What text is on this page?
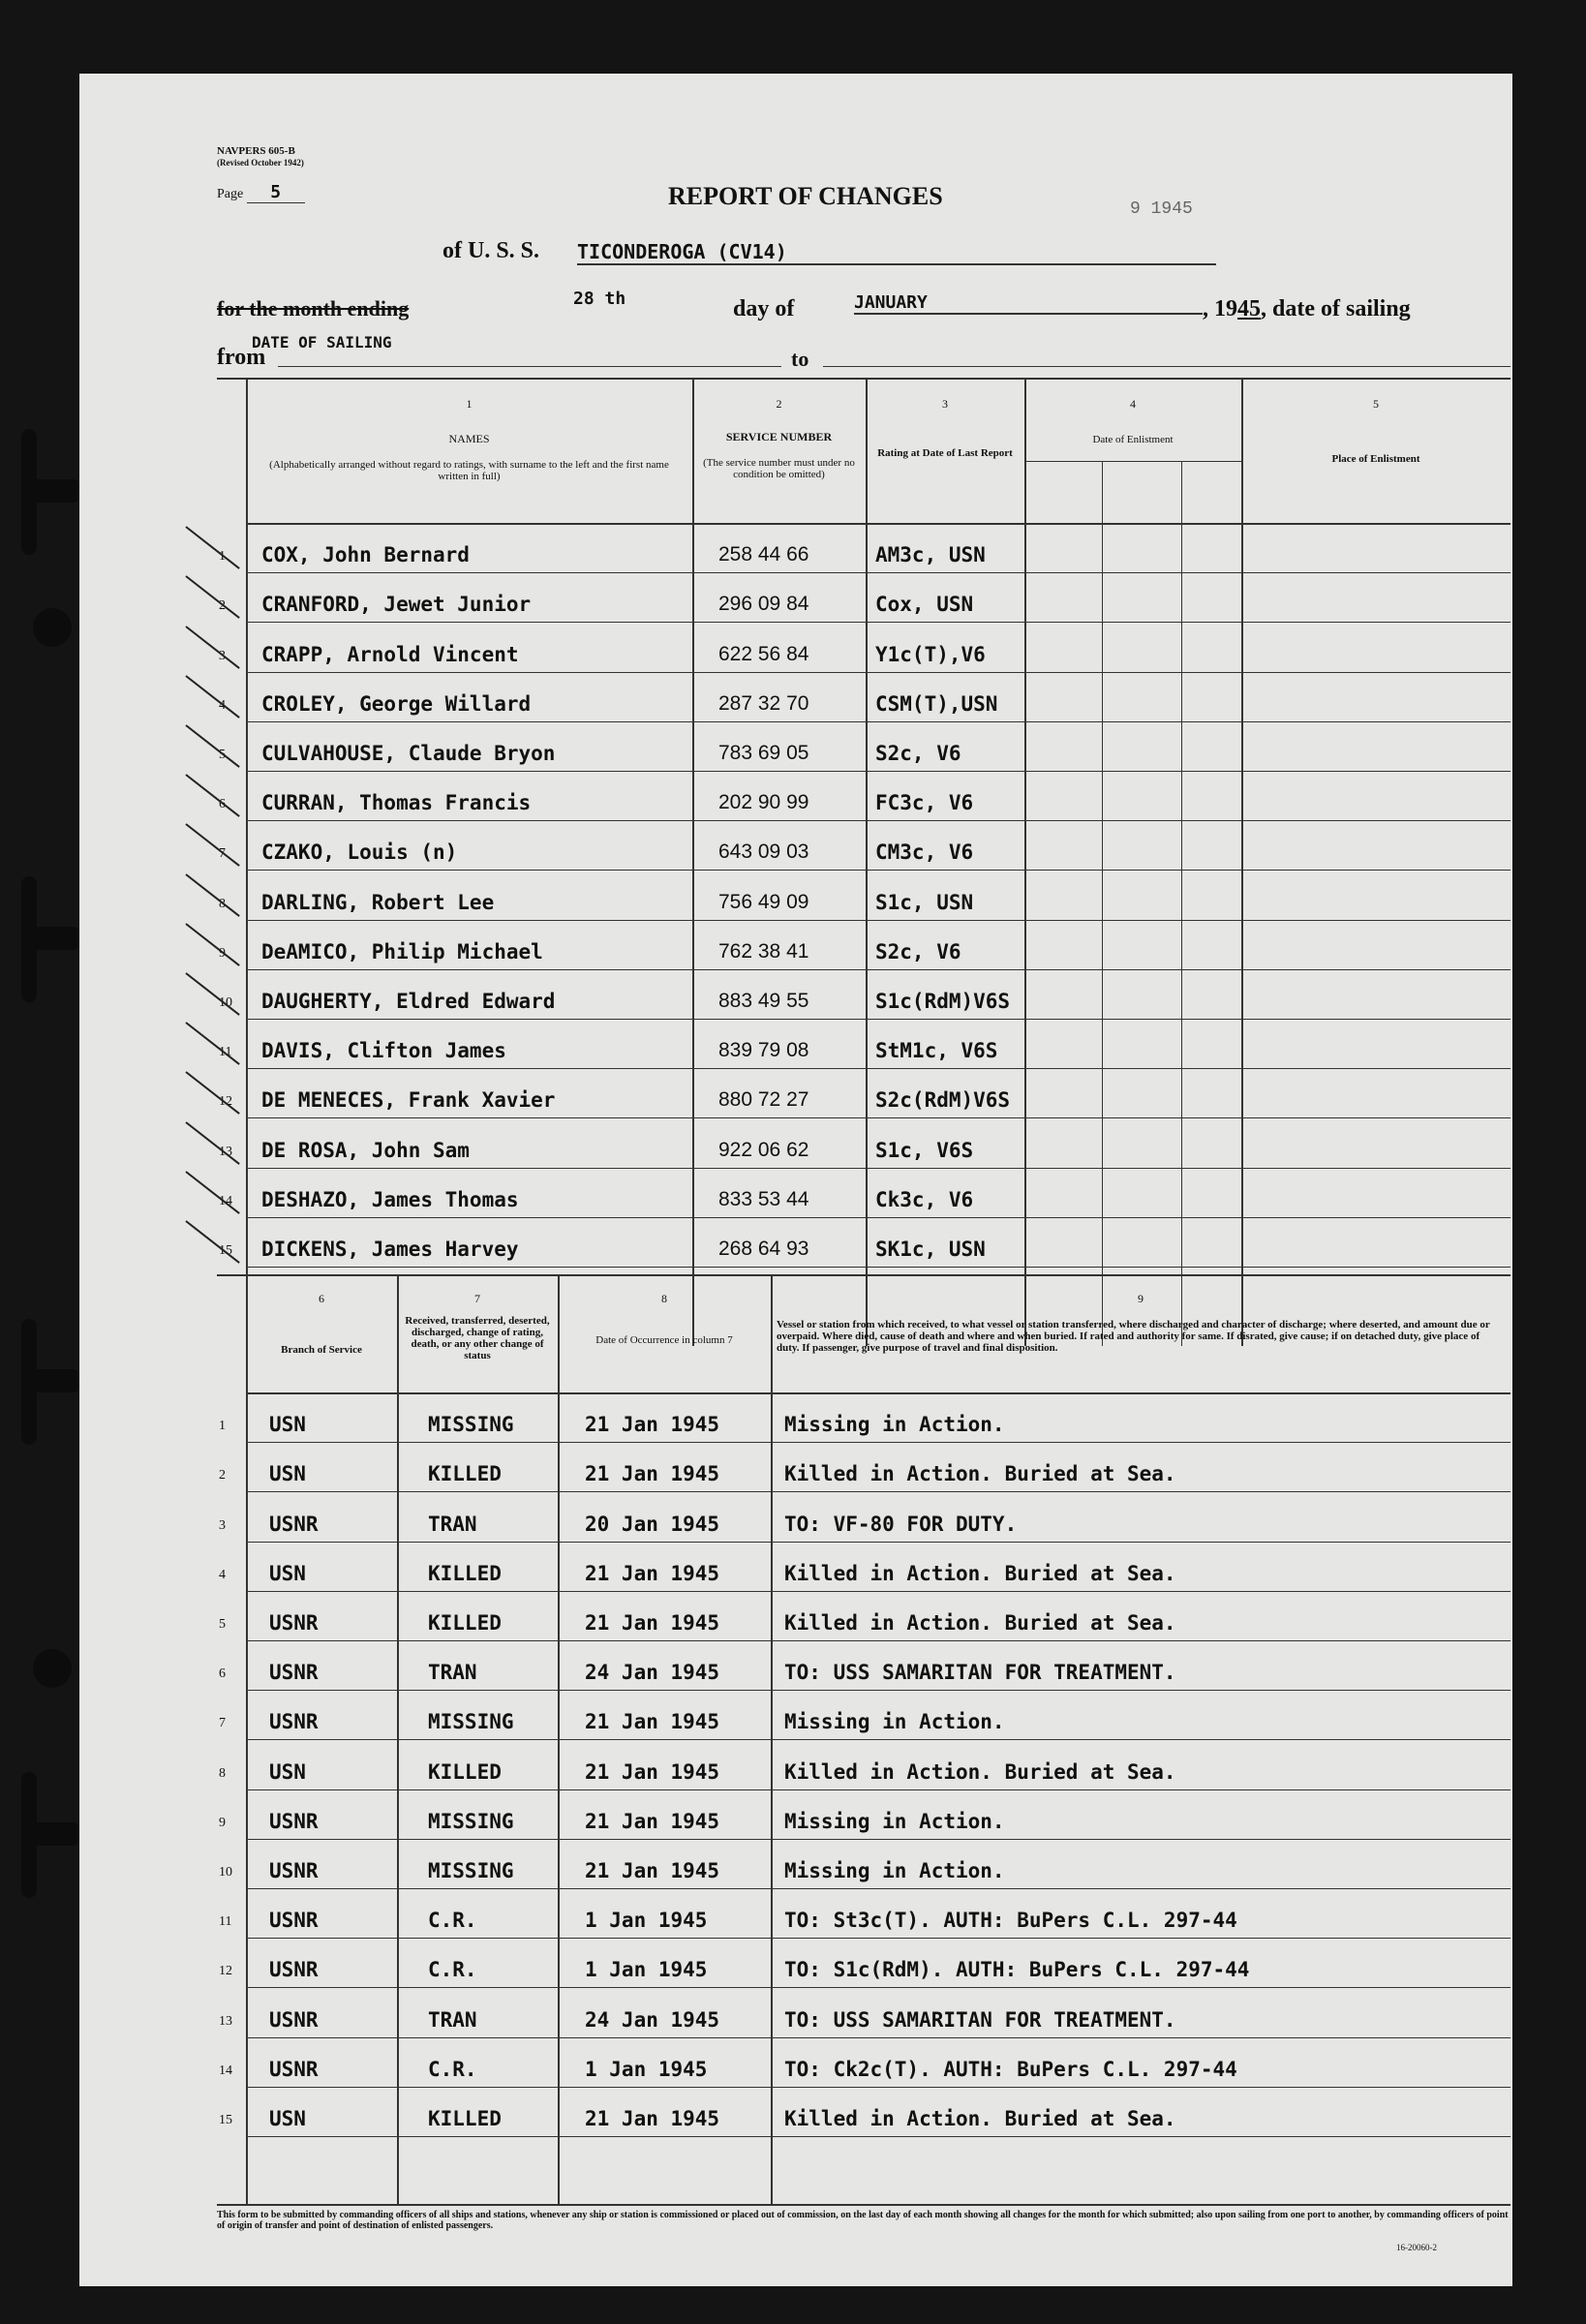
NAVPERS 605-B
(Revised October 1942)
Page 5	REPORT OF CHANGES	9 1945
of U. S. S. TICONDEROGA (CV14)
for the month ending	28 th	day of	JANUARY	, 1945, date of sailing
DATE OF SAILING
from	to
1
NAMES
(Alphabetically arranged without regard to ratings, with surname to the left and the first name written in full)
2
SERVICE NUMBER
(The service number must under no condition be omitted)
3
Rating at Date of Last Report
4
Date of Enlistment
5
Place of Enlistment
1 COX, John Bernard	258 44 66	AM3c, USN
2 CRANFORD, Jewet Junior	296 09 84	Cox, USN
3 CRAPP, Arnold Vincent	622 56 84	Y1c(T),V6
4 CROLEY, George Willard	287 32 70	CSM(T),USN
5 CULVAHOUSE, Claude Bryon	783 69 05	S2c, V6
6 CURRAN, Thomas Francis	202 90 99	FC3c, V6
7 CZAKO, Louis (n)	643 09 03	CM3c, V6
8 DARLING, Robert Lee	756 49 09	S1c, USN
9 DeAMICO, Philip Michael	762 38 41	S2c, V6
10 DAUGHERTY, Eldred Edward	883 49 55	S1c(RdM)V6S
11 DAVIS, Clifton James	839 79 08	StM1c, V6S
12 DE MENECES, Frank Xavier	880 72 27	S2c(RdM)V6S
13 DE ROSA, John Sam	922 06 62	S1c, V6S
14 DESHAZO, James Thomas	833 53 44	Ck3c, V6
15 DICKENS, James Harvey	268 64 93	SK1c, USN
6
Branch of Service
7
Received, transferred, deserted, discharged, change of rating, death, or any other change of status
8
Date of Occurrence in column 7
9
Vessel or station from which received, to what vessel or station transferred, where discharged and character of discharge; where deserted, and amount due or overpaid. Where died, cause of death and where and when buried. If rated and authority for same. If disrated, give cause; if on detached duty, give place of duty. If passenger, give purpose of travel and final disposition.
1 USN	MISSING	21 Jan 1945	Missing in Action.
2 USN	KILLED	21 Jan 1945	Killed in Action. Buried at Sea.
3 USNR	TRAN	20 Jan 1945	TO: VF-80 FOR DUTY.
4 USN	KILLED	21 Jan 1945	Killed in Action. Buried at Sea.
5 USNR	KILLED	21 Jan 1945	Killed in Action. Buried at Sea.
6 USNR	TRAN	24 Jan 1945	TO: USS SAMARITAN FOR TREATMENT.
7 USNR	MISSING	21 Jan 1945	Missing in Action.
8 USN	KILLED	21 Jan 1945	Killed in Action. Buried at Sea.
9 USNR	MISSING	21 Jan 1945	Missing in Action.
10 USNR	MISSING	21 Jan 1945	Missing in Action.
11 USNR	C.R.	1 Jan 1945	TO: St3c(T). AUTH: BuPers C.L. 297-44
12 USNR	C.R.	1 Jan 1945	TO: S1c(RdM). AUTH: BuPers C.L. 297-44
13 USNR	TRAN	24 Jan 1945	TO: USS SAMARITAN FOR TREATMENT.
14 USNR	C.R.	1 Jan 1945	TO: Ck2c(T). AUTH: BuPers C.L. 297-44
15 USN	KILLED	21 Jan 1945	Killed in Action. Buried at Sea.
This form to be submitted by commanding officers of all ships and stations, whenever any ship or station is commissioned or placed out of commission, on the last day of each month showing all changes for the month for which submitted; also upon sailing from one port to another, by commanding officers of point of origin of transfer and point of destination of enlisted passengers.
16-20060-2
